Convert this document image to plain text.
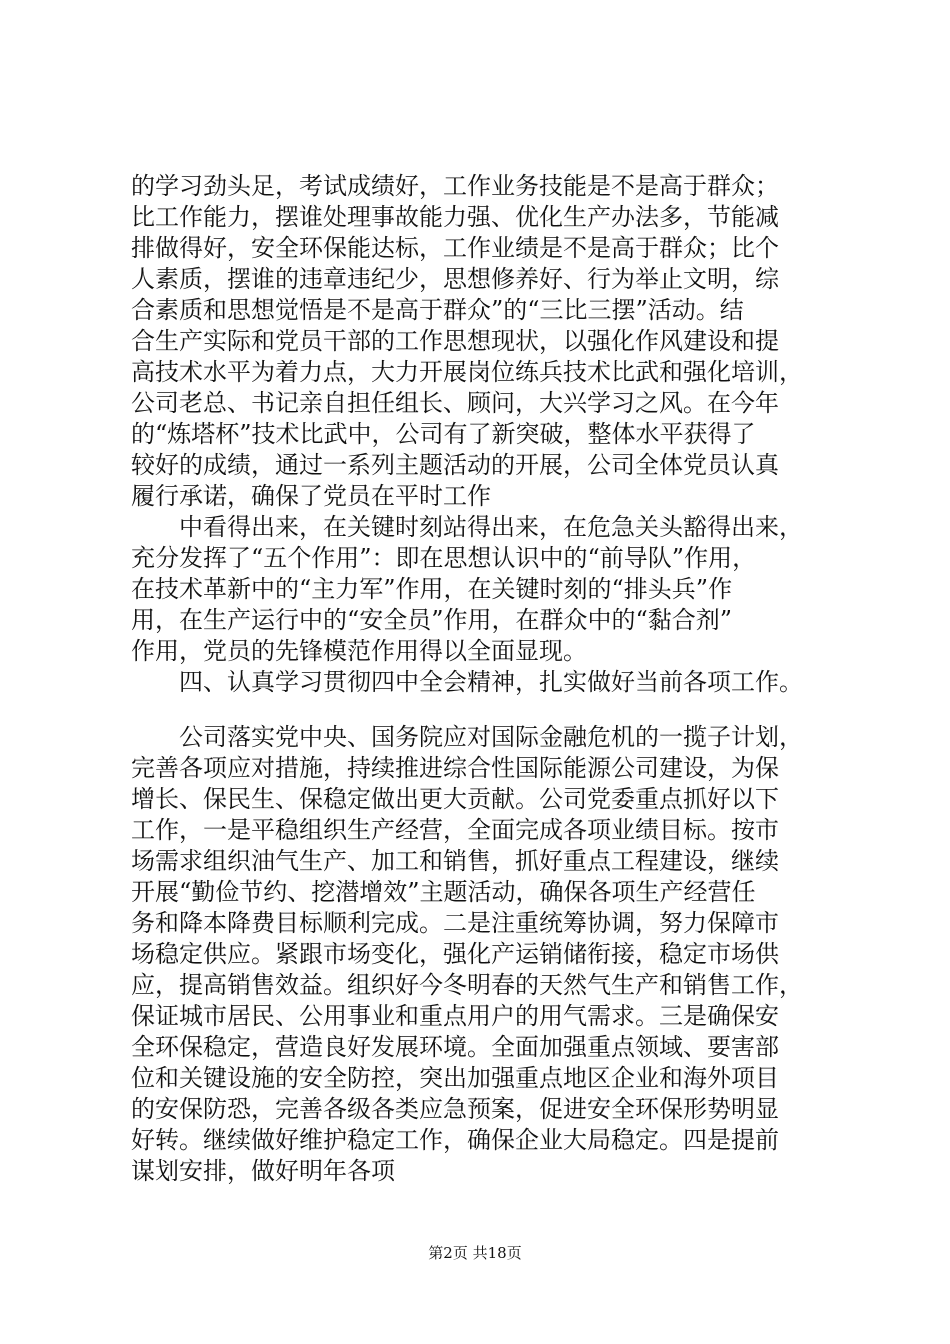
的学习劲头足，考试成绩好，工作业务技能是不是高于群众；
比工作能力，摆谁处理事故能力强、优化生产办法多，节能减
排做得好，安全环保能达标，工作业绩是不是高于群众；比个
人素质，摆谁的违章违纪少，思想修养好、行为举止文明，综
合素质和思想觉悟是不是高于群众”的“三比三摆”活动。结
合生产实际和党员干部的工作思想现状，以强化作风建设和提
高技术水平为着力点，大力开展岗位练兵技术比武和强化培训，
公司老总、书记亲自担任组长、顾问，大兴学习之风。在今年
的“炼塔杯”技术比武中，公司有了新突破，整体水平获得了
较好的成绩，通过一系列主题活动的开展，公司全体党员认真
履行承诺，确保了党员在平时工作
　　中看得出来，在关键时刻站得出来，在危急关头豁得出来，
充分发挥了“五个作用”：即在思想认识中的“前导队”作用，
在技术革新中的“主力军”作用，在关键时刻的“排头兵”作
用，在生产运行中的“安全员”作用，在群众中的“黏合剂”
作用，党员的先锋模范作用得以全面显现。
　　四、认真学习贯彻四中全会精神，扎实做好当前各项工作。
　　公司落实党中央、国务院应对国际金融危机的一揽子计划，
完善各项应对措施，持续推进综合性国际能源公司建设，为保
增长、保民生、保稳定做出更大贡献。公司党委重点抓好以下
工作，一是平稳组织生产经营，全面完成各项业绩目标。按市
场需求组织油气生产、加工和销售，抓好重点工程建设，继续
开展“勤俭节约、挖潜增效”主题活动，确保各项生产经营任
务和降本降费目标顺利完成。二是注重统筹协调，努力保障市
场稳定供应。紧跟市场变化，强化产运销储衔接，稳定市场供
应，提高销售效益。组织好今冬明春的天然气生产和销售工作，
保证城市居民、公用事业和重点用户的用气需求。三是确保安
全环保稳定，营造良好发展环境。全面加强重点领域、要害部
位和关键设施的安全防控，突出加强重点地区企业和海外项目
的安保防恐，完善各级各类应急预案，促进安全环保形势明显
好转。继续做好维护稳定工作，确保企业大局稳定。四是提前
谋划安排，做好明年各项
第2页 共18页
